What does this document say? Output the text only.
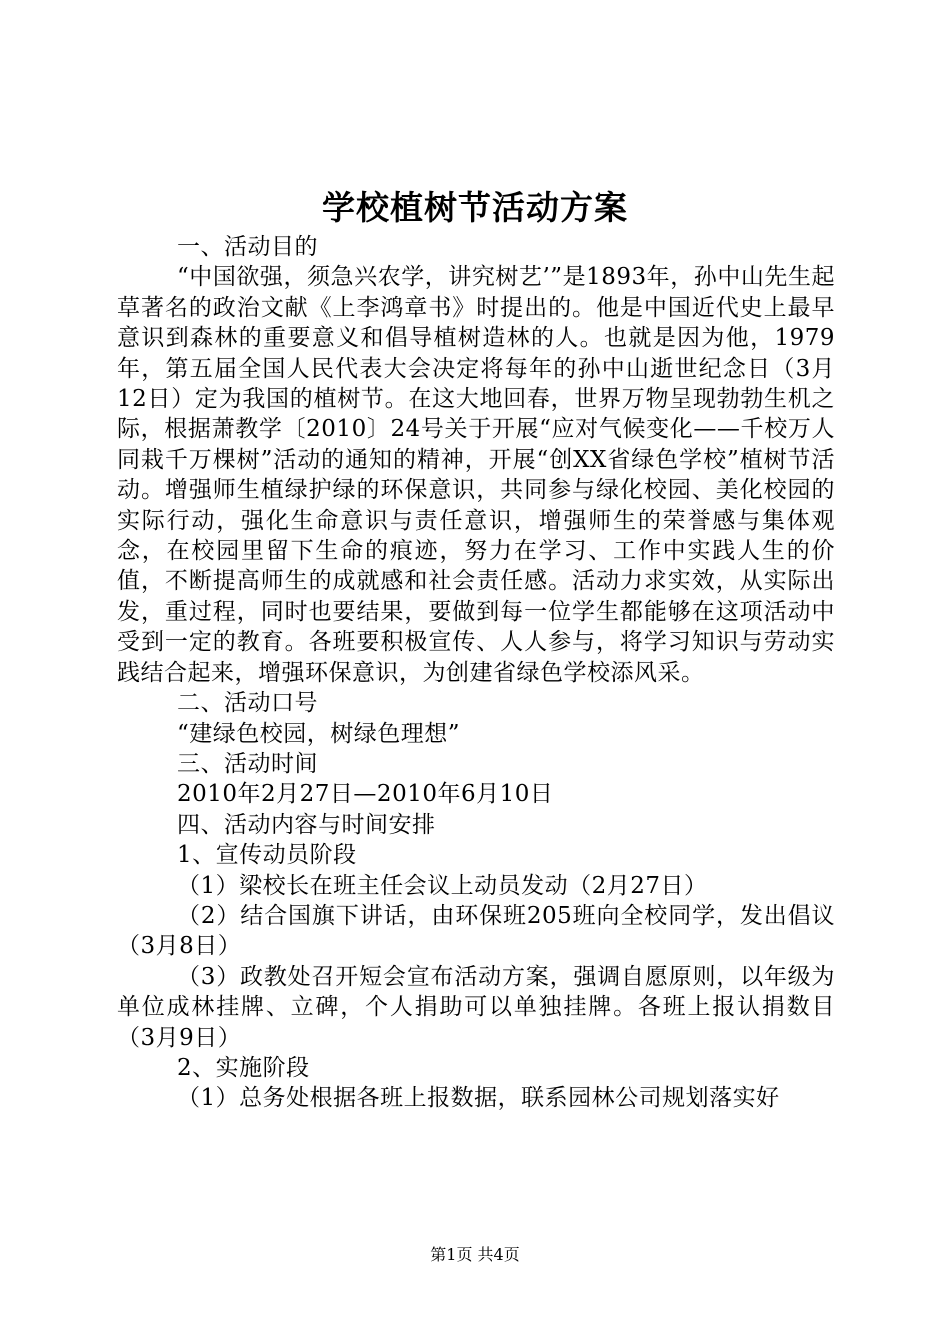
学校植树节活动方案

一、活动目的

“中国欲强，须急兴农学，讲究树艺’”是1893年，孙中山先生起草著名的政治文献《上李鸿章书》时提出的。他是中国近代史上最早意识到森林的重要意义和倡导植树造林的人。也就是因为他，1979年，第五届全国人民代表大会决定将每年的孙中山逝世纪念日（3月12日）定为我国的植树节。在这大地回春，世界万物呈现勃勃生机之际，根据萧教学〔2010〕24号关于开展“应对气候变化——千校万人同栽千万棵树”活动的通知的精神，开展“创XX省绿色学校”植树节活动。增强师生植绿护绿的环保意识，共同参与绿化校园、美化校园的实际行动，强化生命意识与责任意识，增强师生的荣誉感与集体观念，在校园里留下生命的痕迹，努力在学习、工作中实践人生的价值，不断提高师生的成就感和社会责任感。活动力求实效，从实际出发，重过程，同时也要结果，要做到每一位学生都能够在这项活动中受到一定的教育。各班要积极宣传、人人参与，将学习知识与劳动实践结合起来，增强环保意识，为创建省绿色学校添风采。

二、活动口号

“建绿色校园，树绿色理想”

三、活动时间

2010年2月27日—2010年6月10日

四、活动内容与时间安排

1、宣传动员阶段

（1）梁校长在班主任会议上动员发动（2月27日）

（2）结合国旗下讲话，由环保班205班向全校同学，发出倡议（3月8日）

（3）政教处召开短会宣布活动方案，强调自愿原则，以年级为单位成林挂牌、立碑，个人捐助可以单独挂牌。各班上报认捐数目（3月9日）

2、实施阶段

（1）总务处根据各班上报数据，联系园林公司规划落实好

第1页 共4页
